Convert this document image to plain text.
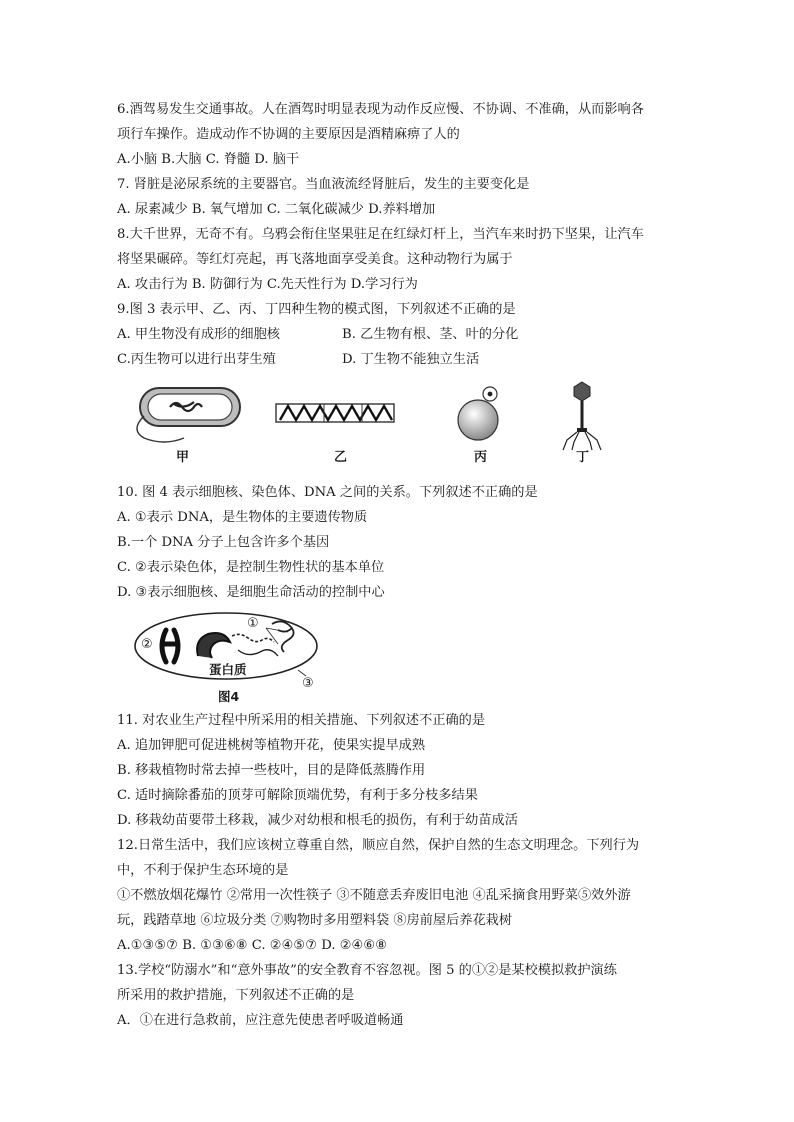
6.酒驾易发生交通事故。人在酒驾时明显表现为动作反应慢、不协调、不准确，从而影响各
项行车操作。造成动作不协调的主要原因是酒精麻痹了人的
A.小脑 B.大脑 C. 脊髓 D. 脑干
7. 肾脏是泌尿系统的主要器官。当血液流经肾脏后，发生的主要变化是
A. 尿素减少 B. 氧气增加 C. 二氧化碳减少 D.养料增加
8.大千世界，无奇不有。乌鸦会衔住坚果驻足在红绿灯杆上，当汽车来时扔下坚果，让汽车
将坚果碾碎。等红灯亮起，再飞落地面享受美食。这种动物行为属于
A. 攻击行为 B. 防御行为 C.先天性行为 D.学习行为
9.图 3 表示甲、乙、丙、丁四种生物的模式图，下列叙述不正确的是
A. 甲生物没有成形的细胞核	B. 乙生物有根、茎、叶的分化
C.丙生物可以进行出芽生殖	D. 丁生物不能独立生活
甲	乙	丙	丁
10. 图 4 表示细胞核、染色体、DNA 之间的关系。下列叙述不正确的是
A. ①表示 DNA，是生物体的主要遗传物质
B.一个 DNA 分子上包含许多个基因
C. ②表示染色体，是控制生物性状的基本单位
D. ③表示细胞核、是细胞生命活动的控制中心
①
②
③
蛋白质
图4
11. 对农业生产过程中所采用的相关措施、下列叙述不正确的是
A. 追加钾肥可促进桃树等植物开花，使果实提早成熟
B. 移栽植物时常去掉一些枝叶，目的是降低蒸腾作用
C. 适时摘除番茄的顶芽可解除顶端优势，有利于多分枝多结果
D. 移栽幼苗要带土移栽，减少对幼根和根毛的损伤，有利于幼苗成活
12.日常生活中，我们应该树立尊重自然，顺应自然，保护自然的生态文明理念。下列行为
中，不利于保护生态环境的是
①不燃放烟花爆竹 ②常用一次性筷子 ③不随意丢弃废旧电池 ④乱采摘食用野菜⑤效外游
玩，践踏草地 ⑥垃圾分类 ⑦购物时多用塑料袋 ⑧房前屋后养花栽树
A.①③⑤⑦ B. ①③⑥⑧ C. ②④⑤⑦ D. ②④⑥⑧
13.学校“防溺水”和“意外事故”的安全教育不容忽视。图 5 的①②是某校模拟救护演练
所采用的救护措施，下列叙述不正确的是
A．①在进行急救前，应注意先使患者呼吸道畅通
